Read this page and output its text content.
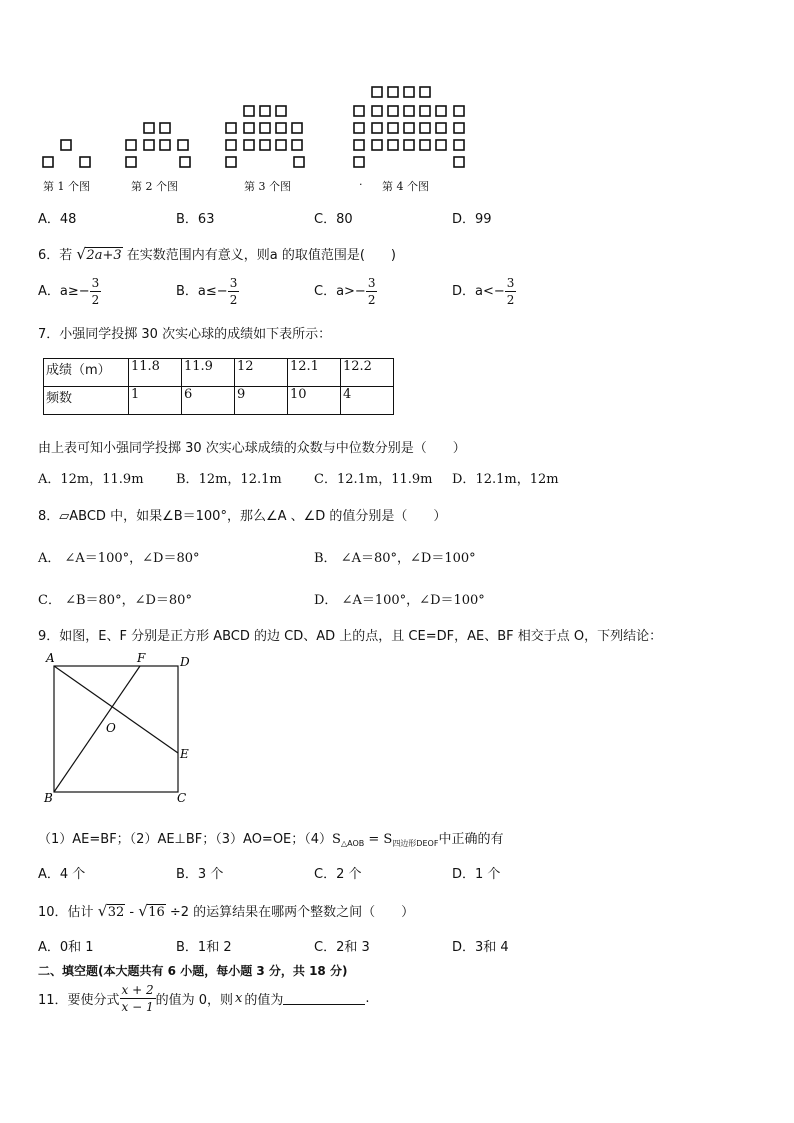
第 1 个图	第 2 个图	第 3 个图	· 第 4 个图
A．48	B．63	C．80	D．99
6．若 √ 2a+3 在实数范围内有意义，则a 的取值范围是(　　)
A．$a\ge- \frac{3}{2}$	B．$a\le- \frac{3}{2}$	C．$a>- \frac{3}{2}$	D．$a<- \frac{3}{2}$
7．小强同学投掷 30 次实心球的成绩如下表所示：
成绩（m）	11.8	11.9	12	12.1	12.2
频数	1	6	9	10	4
由上表可知小强同学投掷 30 次实心球成绩的众数与中位数分别是（　　）
A．12m，11.9m B．12m，12.1m C．12.1m，11.9m D．12.1m，12m
8．▱ABCD 中，如果∠B＝100°，那么∠A 、∠D 的值分别是（　　）
A． ∠A＝100°，∠D＝80°	B． ∠A＝80°，∠D＝100°
C． ∠B＝80°，∠D＝80°	D． ∠A＝100°，∠D＝100°
9．如图，E、F 分别是正方形 ABCD 的边 CD、AD 上的点，且 CE=DF，AE、BF 相交于点 O，下列结论：
A	F	D
O
E
B	C
（1）AE=BF；（2）AE⊥BF；（3）AO=OE；$(4)S_{\triangle AOB} = S_{四边形DEOF}$中正确的有
A．4 个	B．3 个	C．2 个	D．1 个
10．估计 √ 32 - √ 16 ÷2 的运算结果在哪两个整数之间（　　）
A．0和 1	B．1和 2	C．2和 3	D．3和 4
二、填空题(本大题共有 6 小题，每小题 3 分，共 18 分)
11．要使分式 $\frac{x + 2}{x - 1}$ 的值为 0，则 x 的值为	.
